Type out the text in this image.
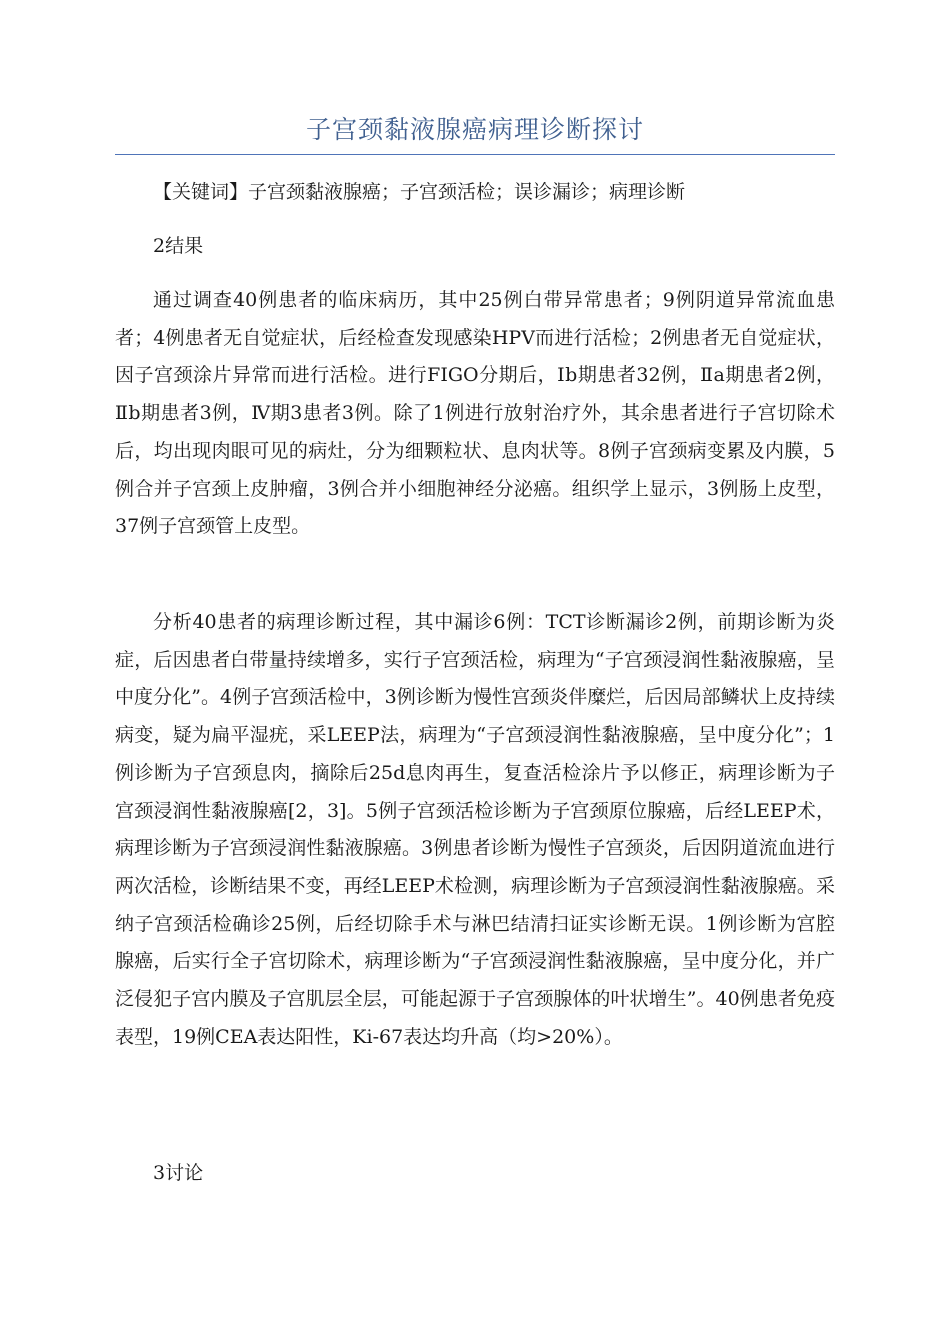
子宫颈黏液腺癌病理诊断探讨

【关键词】子宫颈黏液腺癌；子宫颈活检；误诊漏诊；病理诊断

2结果

通过调查40例患者的临床病历，其中25例白带异常患者；9例阴道异常流血患者；4例患者无自觉症状，后经检查发现感染HPV而进行活检；2例患者无自觉症状，因子宫颈涂片异常而进行活检。进行FIGO分期后，Ⅰb期患者32例，Ⅱa期患者2例，Ⅱb期患者3例，Ⅳ期3患者3例。除了1例进行放射治疗外，其余患者进行子宫切除术后，均出现肉眼可见的病灶，分为细颗粒状、息肉状等。8例子宫颈病变累及内膜，5例合并子宫颈上皮肿瘤，3例合并小细胞神经分泌癌。组织学上显示，3例肠上皮型，37例子宫颈管上皮型。

分析40患者的病理诊断过程，其中漏诊6例：TCT诊断漏诊2例，前期诊断为炎症，后因患者白带量持续增多，实行子宫颈活检，病理为“子宫颈浸润性黏液腺癌，呈中度分化”。4例子宫颈活检中，3例诊断为慢性宫颈炎伴糜烂，后因局部鳞状上皮持续病变，疑为扁平湿疣，采LEEP法，病理为“子宫颈浸润性黏液腺癌，呈中度分化”；1例诊断为子宫颈息肉，摘除后25d息肉再生，复查活检涂片予以修正，病理诊断为子宫颈浸润性黏液腺癌[2，3]。5例子宫颈活检诊断为子宫颈原位腺癌，后经LEEP术，病理诊断为子宫颈浸润性黏液腺癌。3例患者诊断为慢性子宫颈炎，后因阴道流血进行两次活检，诊断结果不变，再经LEEP术检测，病理诊断为子宫颈浸润性黏液腺癌。采纳子宫颈活检确诊25例，后经切除手术与淋巴结清扫证实诊断无误。1例诊断为宫腔腺癌，后实行全子宫切除术，病理诊断为“子宫颈浸润性黏液腺癌，呈中度分化，并广泛侵犯子宫内膜及子宫肌层全层，可能起源于子宫颈腺体的叶状增生”。40例患者免疫表型，19例CEA表达阳性，Ki-67表达均升高（均>20%）。

3讨论
